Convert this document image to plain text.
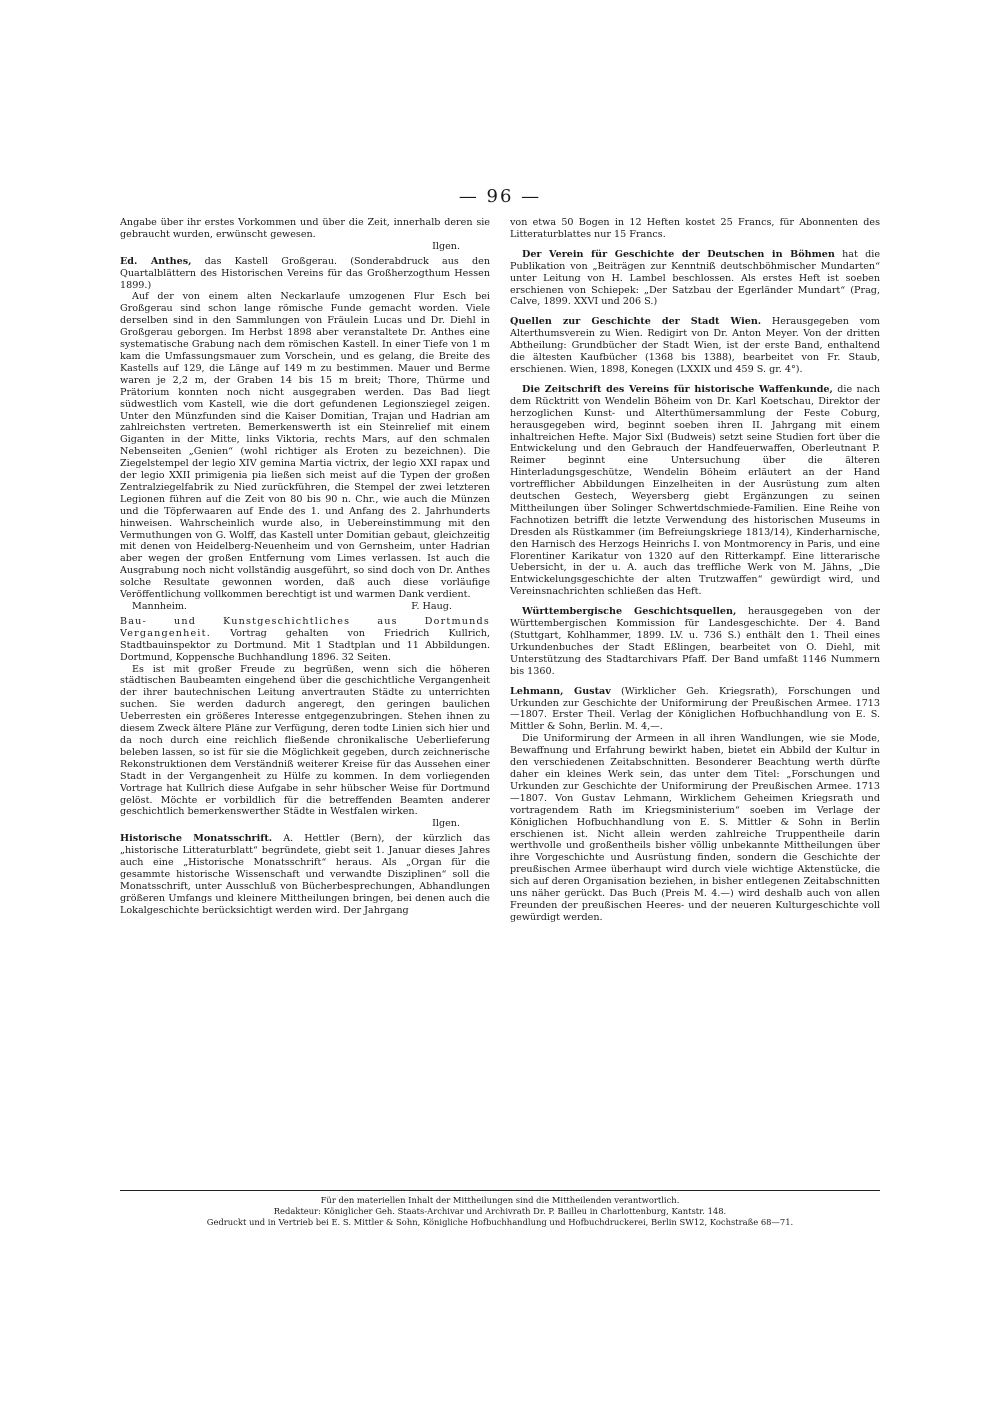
— 96 —

Angabe über ihr erstes Vorkommen und über die Zeit, innerhalb deren sie gebraucht wurden, erwünscht gewesen.

Ilgen.

Ed. Anthes, das Kastell Großgerau. (Sonderabdruck aus den Quartalblättern des Historischen Vereins für das Großherzogthum Hessen 1899.)

Auf der von einem alten Neckarlaufe umzogenen Flur Esch bei Großgerau sind schon lange römische Funde gemacht worden. Viele derselben sind in den Sammlungen von Fräulein Lucas und Dr. Diehl in Großgerau geborgen. Im Herbst 1898 aber veranstaltete Dr. Anthes eine systematische Grabung nach dem römischen Kastell. In einer Tiefe von 1 m kam die Umfassungsmauer zum Vorschein, und es gelang, die Breite des Kastells auf 129, die Länge auf 149 m zu bestimmen. Mauer und Berme waren je 2,2 m, der Graben 14 bis 15 m breit; Thore, Thürme und Prätorium konnten noch nicht ausgegraben werden. Das Bad liegt südwestlich vom Kastell, wie die dort gefundenen Legionsziegel zeigen. Unter den Münzfunden sind die Kaiser Domitian, Trajan und Hadrian am zahlreichsten vertreten. Bemerkenswerth ist ein Steinrelief mit einem Giganten in der Mitte, links Viktoria, rechts Mars, auf den schmalen Nebenseiten „Genien“ (wohl richtiger als Eroten zu bezeichnen). Die Ziegelstempel der legio XIV gemina Martia victrix, der legio XXI rapax und der legio XXII primigenia pia ließen sich meist auf die Typen der großen Zentralziegelfabrik zu Nied zurückführen, die Stempel der zwei letzteren Legionen führen auf die Zeit von 80 bis 90 n. Chr., wie auch die Münzen und die Töpferwaaren auf Ende des 1. und Anfang des 2. Jahrhunderts hinweisen. Wahrscheinlich wurde also, in Uebereinstimmung mit den Vermuthungen von G. Wolff, das Kastell unter Domitian gebaut, gleichzeitig mit denen von Heidelberg-Neuenheim und von Gernsheim, unter Hadrian aber wegen der großen Entfernung vom Limes verlassen. Ist auch die Ausgrabung noch nicht vollständig ausgeführt, so sind doch von Dr. Anthes solche Resultate gewonnen worden, daß auch diese vorläufige Veröffentlichung vollkommen berechtigt ist und warmen Dank verdient.

Mannheim.	F. Haug.

Bau- und Kunstgeschichtliches aus Dortmunds Vergangenheit. Vortrag gehalten von Friedrich Kullrich, Stadtbauinspektor zu Dortmund. Mit 1 Stadtplan und 11 Abbildungen. Dortmund, Koppensche Buchhandlung 1896. 32 Seiten.

Es ist mit großer Freude zu begrüßen, wenn sich die höheren städtischen Baubeamten eingehend über die geschichtliche Vergangenheit der ihrer bautechnischen Leitung anvertrauten Städte zu unterrichten suchen. Sie werden dadurch angeregt, den geringen baulichen Ueberresten ein größeres Interesse entgegenzubringen. Stehen ihnen zu diesem Zweck ältere Pläne zur Verfügung, deren todte Linien sich hier und da noch durch eine reichlich fließende chronikalische Ueberlieferung beleben lassen, so ist für sie die Möglichkeit gegeben, durch zeichnerische Rekonstruktionen dem Verständniß weiterer Kreise für das Aussehen einer Stadt in der Vergangenheit zu Hülfe zu kommen. In dem vorliegenden Vortrage hat Kullrich diese Aufgabe in sehr hübscher Weise für Dortmund gelöst. Möchte er vorbildlich für die betreffenden Beamten anderer geschichtlich bemerkenswerther Städte in Westfalen wirken.

Ilgen.

Historische Monatsschrift. A. Hettler (Bern), der kürzlich das „historische Litteraturblatt“ begründete, giebt seit 1. Januar dieses Jahres auch eine „Historische Monatsschrift“ heraus. Als „Organ für die gesammte historische Wissenschaft und verwandte Disziplinen“ soll die Monatsschrift, unter Ausschluß von Bücherbesprechungen, Abhandlungen größeren Umfangs und kleinere Mittheilungen bringen, bei denen auch die Lokalgeschichte berücksichtigt werden wird. Der Jahrgang

von etwa 50 Bogen in 12 Heften kostet 25 Francs, für Abonnenten des Litteraturblattes nur 15 Francs.

Der Verein für Geschichte der Deutschen in Böhmen hat die Publikation von „Beiträgen zur Kenntniß deutschböhmischer Mundarten“ unter Leitung von H. Lambel beschlossen. Als erstes Heft ist soeben erschienen von Schiepek: „Der Satzbau der Egerländer Mundart“ (Prag, Calve, 1899. XXVI und 206 S.)

Quellen zur Geschichte der Stadt Wien. Herausgegeben vom Alterthumsverein zu Wien. Redigirt von Dr. Anton Meyer. Von der dritten Abtheilung: Grundbücher der Stadt Wien, ist der erste Band, enthaltend die ältesten Kaufbücher (1368 bis 1388), bearbeitet von Fr. Staub, erschienen. Wien, 1898, Konegen (LXXIX und 459 S. gr. 4°).

Die Zeitschrift des Vereins für historische Waffenkunde, die nach dem Rücktritt von Wendelin Böheim von Dr. Karl Koetschau, Direktor der herzoglichen Kunst- und Alterthümersammlung der Feste Coburg, herausgegeben wird, beginnt soeben ihren II. Jahrgang mit einem inhaltreichen Hefte. Major Sixl (Budweis) setzt seine Studien fort über die Entwickelung und den Gebrauch der Handfeuerwaffen, Oberleutnant P. Reimer beginnt eine Untersuchung über die älteren Hinterladungsgeschütze, Wendelin Böheim erläutert an der Hand vortrefflicher Abbildungen Einzelheiten in der Ausrüstung zum alten deutschen Gestech, Weyersberg giebt Ergänzungen zu seinen Mittheilungen über Solinger Schwertdschmiede-Familien. Eine Reihe von Fachnotizen betrifft die letzte Verwendung des historischen Museums in Dresden als Rüstkammer (im Befreiungskriege 1813/14), Kinderharnische, den Harnisch des Herzogs Heinrichs I. von Montmorency in Paris, und eine Florentiner Karikatur von 1320 auf den Ritterkampf. Eine litterarische Uebersicht, in der u. A. auch das treffliche Werk von M. Jähns, „Die Entwickelungsgeschichte der alten Trutzwaffen“ gewürdigt wird, und Vereinsnachrichten schließen das Heft.

Württembergische Geschichtsquellen, herausgegeben von der Württembergischen Kommission für Landesgeschichte. Der 4. Band (Stuttgart, Kohlhammer, 1899. LV. u. 736 S.) enthält den 1. Theil eines Urkundenbuches der Stadt Eßlingen, bearbeitet von O. Diehl, mit Unterstützung des Stadtarchivars Pfaff. Der Band umfaßt 1146 Nummern bis 1360.

Lehmann, Gustav (Wirklicher Geh. Kriegsrath), Forschungen und Urkunden zur Geschichte der Uniformirung der Preußischen Armee. 1713—1807. Erster Theil. Verlag der Königlichen Hofbuchhandlung von E. S. Mittler & Sohn, Berlin. M. 4,—.

Die Uniformirung der Armeen in all ihren Wandlungen, wie sie Mode, Bewaffnung und Erfahrung bewirkt haben, bietet ein Abbild der Kultur in den verschiedenen Zeitabschnitten. Besonderer Beachtung werth dürfte daher ein kleines Werk sein, das unter dem Titel: „Forschungen und Urkunden zur Geschichte der Uniformirung der Preußischen Armee. 1713—1807. Von Gustav Lehmann, Wirklichem Geheimen Kriegsrath und vortragendem Rath im Kriegsministerium“ soeben im Verlage der Königlichen Hofbuchhandlung von E. S. Mittler & Sohn in Berlin erschienen ist. Nicht allein werden zahlreiche Truppentheile darin werthvolle und großentheils bisher völlig unbekannte Mittheilungen über ihre Vorgeschichte und Ausrüstung finden, sondern die Geschichte der preußischen Armee überhaupt wird durch viele wichtige Aktenstücke, die sich auf deren Organisation beziehen, in bisher entlegenen Zeitabschnitten uns näher gerückt. Das Buch (Preis M. 4.—) wird deshalb auch von allen Freunden der preußischen Heeres- und der neueren Kulturgeschichte voll gewürdigt werden.

Für den materiellen Inhalt der Mittheilungen sind die Mittheilenden verantwortlich.
Redakteur: Königlicher Geh. Staats-Archivar und Archivrath Dr. P. Bailleu in Charlottenburg, Kantstr. 148.
Gedruckt und in Vertrieb bei E. S. Mittler & Sohn, Königliche Hofbuchhandlung und Hofbuchdruckerei, Berlin SW12, Kochstraße 68—71.
